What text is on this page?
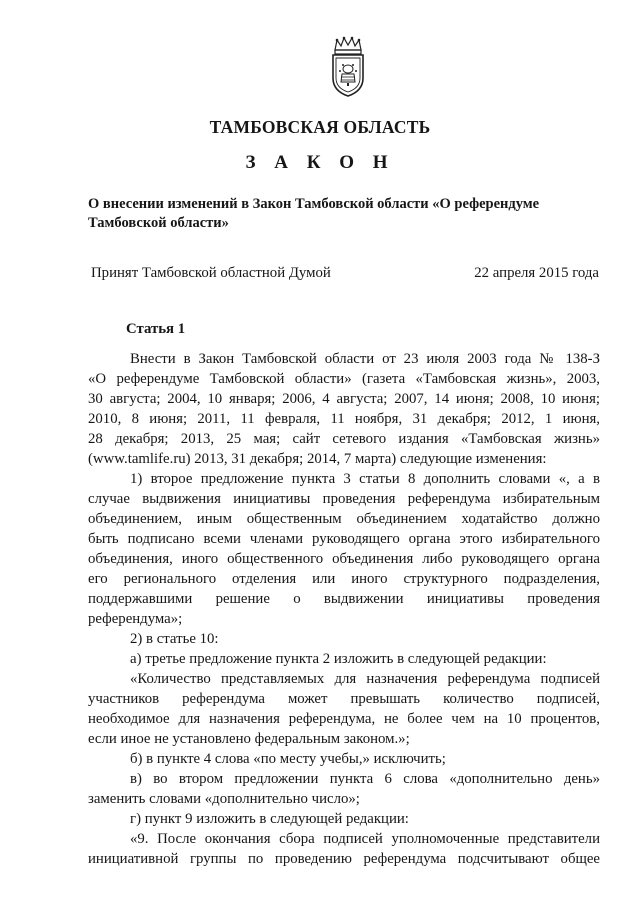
ТАМБОВСКАЯ ОБЛАСТЬ
З А К О Н
О внесении изменений в Закон Тамбовской области «О референдуме
Тамбовской области»
Принят Тамбовской областной Думой	22 апреля 2015 года
Статья 1
Внести в Закон Тамбовской области от 23 июля 2003 года № 138-З
«О референдуме Тамбовской области» (газета «Тамбовская жизнь», 2003,
30 августа; 2004, 10 января; 2006, 4 августа; 2007, 14 июня; 2008, 10 июня;
2010, 8 июня; 2011, 11 февраля, 11 ноября, 31 декабря; 2012, 1 июня,
28 декабря; 2013, 25 мая; сайт сетевого издания «Тамбовская жизнь»
(www.tamlife.ru) 2013, 31 декабря; 2014, 7 марта) следующие изменения:
1) второе предложение пункта 3 статьи 8 дополнить словами «, а в
случае выдвижения инициативы проведения референдума избирательным
объединением, иным общественным объединением ходатайство должно
быть подписано всеми членами руководящего органа этого избирательного
объединения, иного общественного объединения либо руководящего органа
его регионального отделения или иного структурного подразделения,
поддержавшими решение о выдвижении инициативы проведения
референдума»;
2) в статье 10:
а) третье предложение пункта 2 изложить в следующей редакции:
«Количество представляемых для назначения референдума подписей
участников референдума может превышать количество подписей,
необходимое для назначения референдума, не более чем на 10 процентов,
если иное не установлено федеральным законом.»;
б) в пункте 4 слова «по месту учебы,» исключить;
в) во втором предложении пункта 6 слова «дополнительно день»
заменить словами «дополнительно число»;
г) пункт 9 изложить в следующей редакции:
«9. После окончания сбора подписей уполномоченные представители
инициативной группы по проведению референдума подсчитывают общее
